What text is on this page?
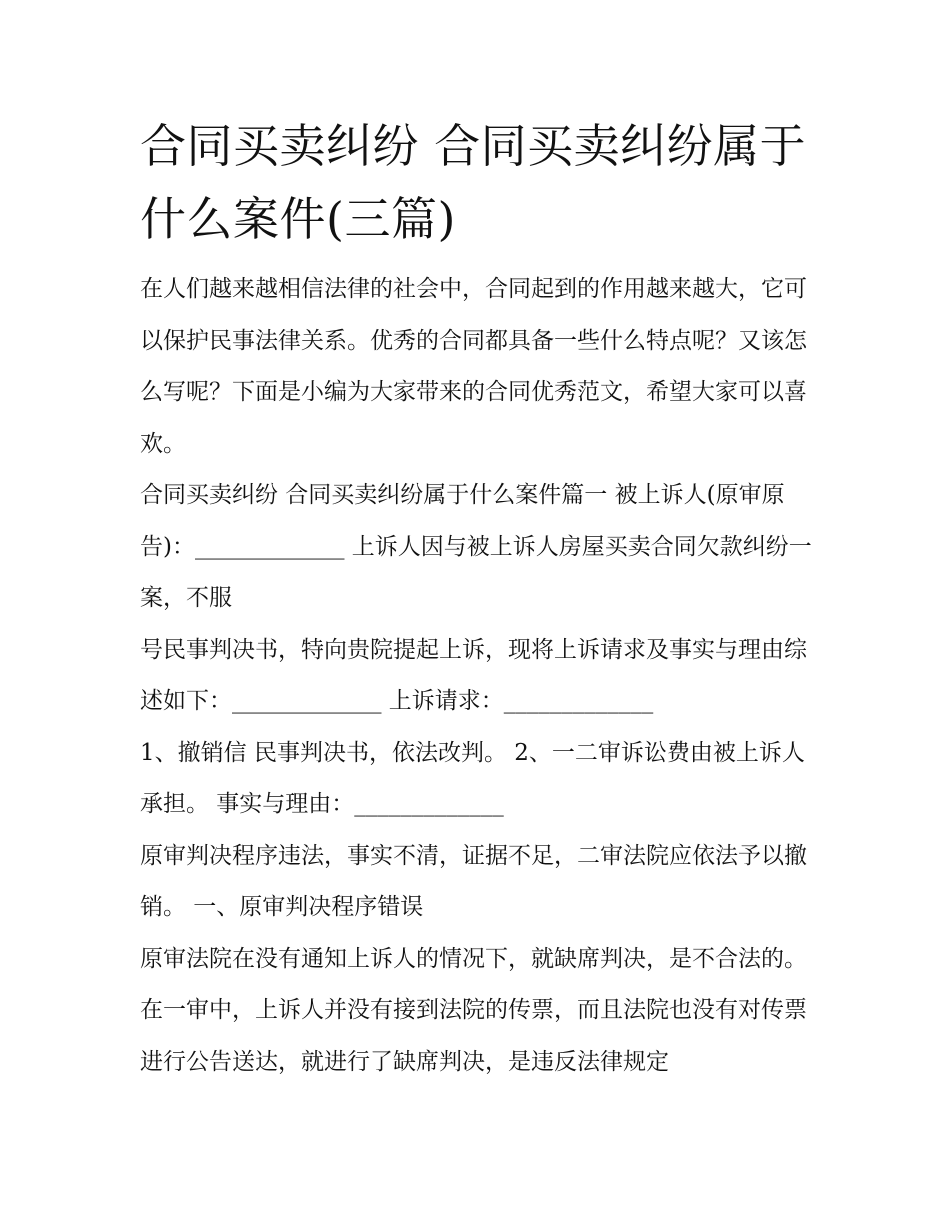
合同买卖纠纷 合同买卖纠纷属于什么案件(三篇)

在人们越来越相信法律的社会中，合同起到的作用越来越大，它可以保护民事法律关系。优秀的合同都具备一些什么特点呢？又该怎么写呢？下面是小编为大家带来的合同优秀范文，希望大家可以喜欢。

合同买卖纠纷 合同买卖纠纷属于什么案件篇一 被上诉人(原审原告)：_____________ 上诉人因与被上诉人房屋买卖合同欠款纠纷一案，不服

号民事判决书，特向贵院提起上诉，现将上诉请求及事实与理由综述如下：_____________ 上诉请求：_____________

1、撤销信 民事判决书，依法改判。 2、一二审诉讼费由被上诉人承担。 事实与理由：_____________

原审判决程序违法，事实不清，证据不足，二审法院应依法予以撤销。 一、原审判决程序错误

原审法院在没有通知上诉人的情况下，就缺席判决，是不合法的。在一审中，上诉人并没有接到法院的传票，而且法院也没有对传票进行公告送达，就进行了缺席判决，是违反法律规定
